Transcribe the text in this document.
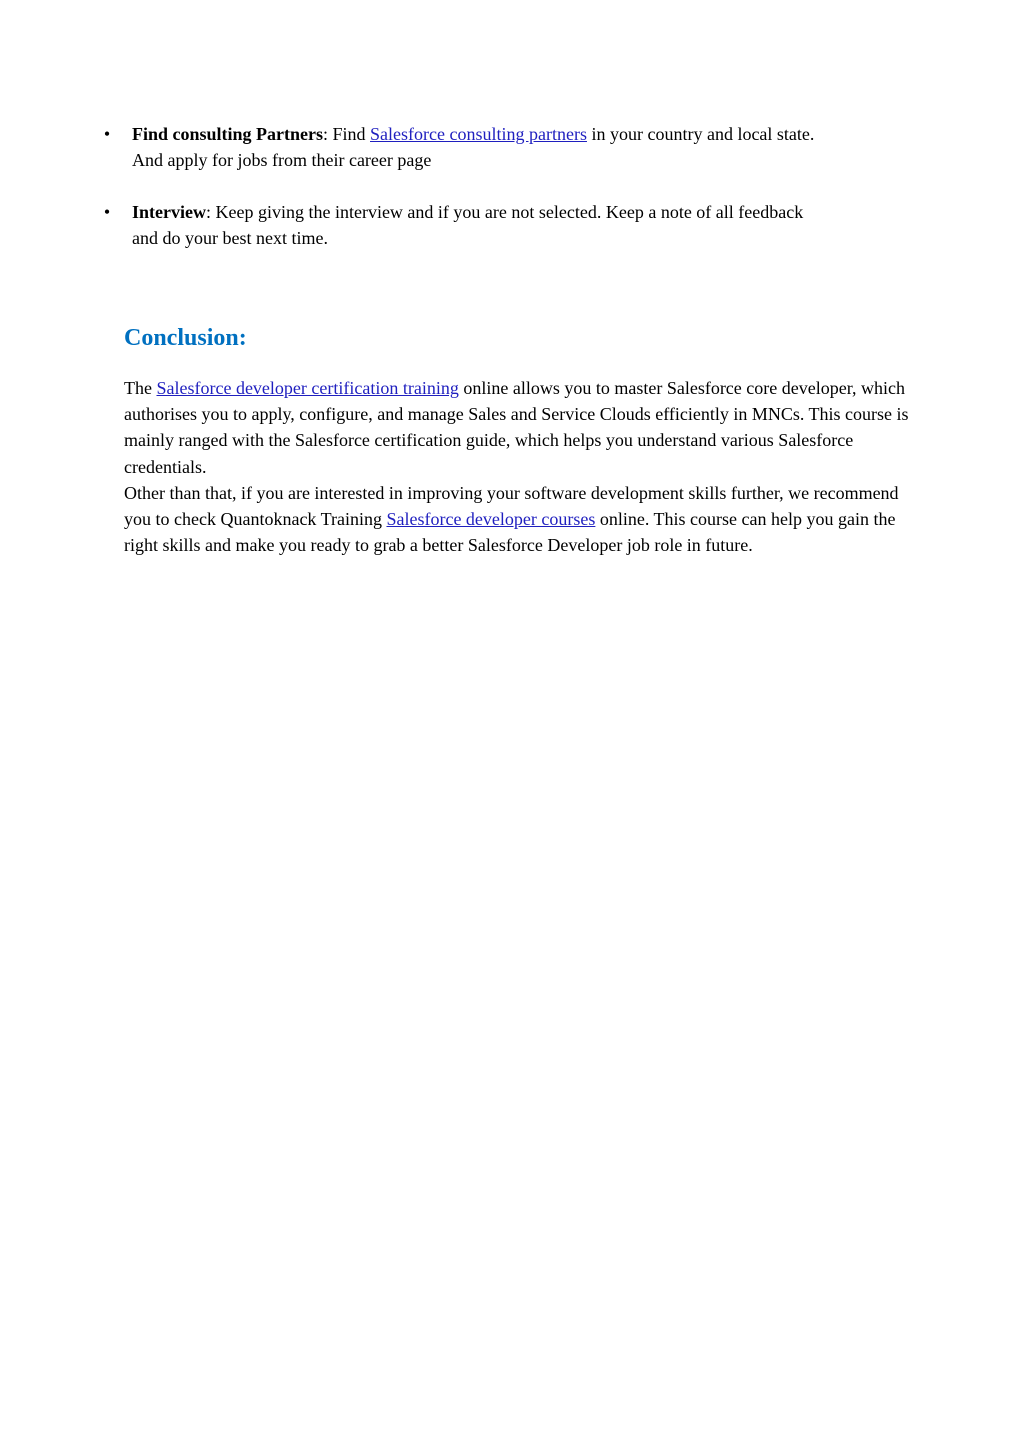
• Find consulting Partners: Find Salesforce consulting partners in your country and local state.
And apply for jobs from their career page
• Interview: Keep giving the interview and if you are not selected. Keep a note of all feedback
and do your best next time.
Conclusion:

The Salesforce developer certification training online allows you to master Salesforce core developer, which authorises you to apply, configure, and manage Sales and Service Clouds efficiently in MNCs. This course is mainly ranged with the Salesforce certification guide, which helps you understand various Salesforce credentials.

Other than that, if you are interested in improving your software development skills further, we recommend you to check Quantoknack Training Salesforce developer courses online. This course can help you gain the right skills and make you ready to grab a better Salesforce Developer job role in future.
